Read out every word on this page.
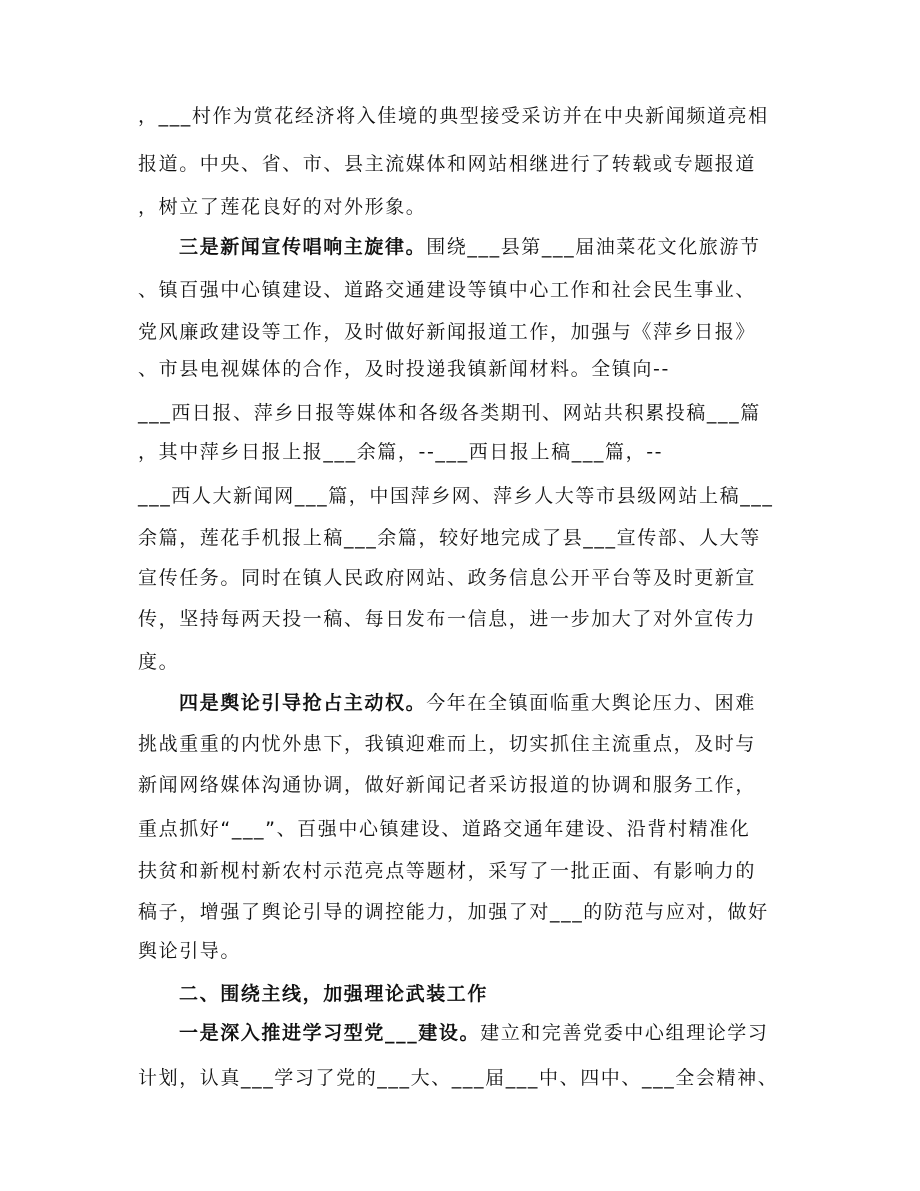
，___村作为赏花经济将入佳境的典型接受采访并在中央新闻频道亮相
报道。中央、省、市、县主流媒体和网站相继进行了转载或专题报道
，树立了莲花良好的对外形象。
三是新闻宣传唱响主旋律。围绕___县第___届油菜花文化旅游节
、镇百强中心镇建设、道路交通建设等镇中心工作和社会民生事业、
党风廉政建设等工作，及时做好新闻报道工作，加强与《萍乡日报》
、市县电视媒体的合作，及时投递我镇新闻材料。全镇向--
___西日报、萍乡日报等媒体和各级各类期刊、网站共积累投稿___篇
，其中萍乡日报上报___余篇，--___西日报上稿___篇，--
___西人大新闻网___篇，中国萍乡网、萍乡人大等市县级网站上稿___
余篇，莲花手机报上稿___余篇，较好地完成了县___宣传部、人大等
宣传任务。同时在镇人民政府网站、政务信息公开平台等及时更新宣
传，坚持每两天投一稿、每日发布一信息，进一步加大了对外宣传力
度。
四是舆论引导抢占主动权。今年在全镇面临重大舆论压力、困难
挑战重重的内忧外患下，我镇迎难而上，切实抓住主流重点，及时与
新闻网络媒体沟通协调，做好新闻记者采访报道的协调和服务工作，
重点抓好“___”、百强中心镇建设、道路交通年建设、沿背村精准化
扶贫和新枧村新农村示范亮点等题材，采写了一批正面、有影响力的
稿子，增强了舆论引导的调控能力，加强了对___的防范与应对，做好
舆论引导。
二、围绕主线，加强理论武装工作
一是深入推进学习型党___建设。建立和完善党委中心组理论学习
计划，认真___学习了党的___大、___届___中、四中、___全会精神、
